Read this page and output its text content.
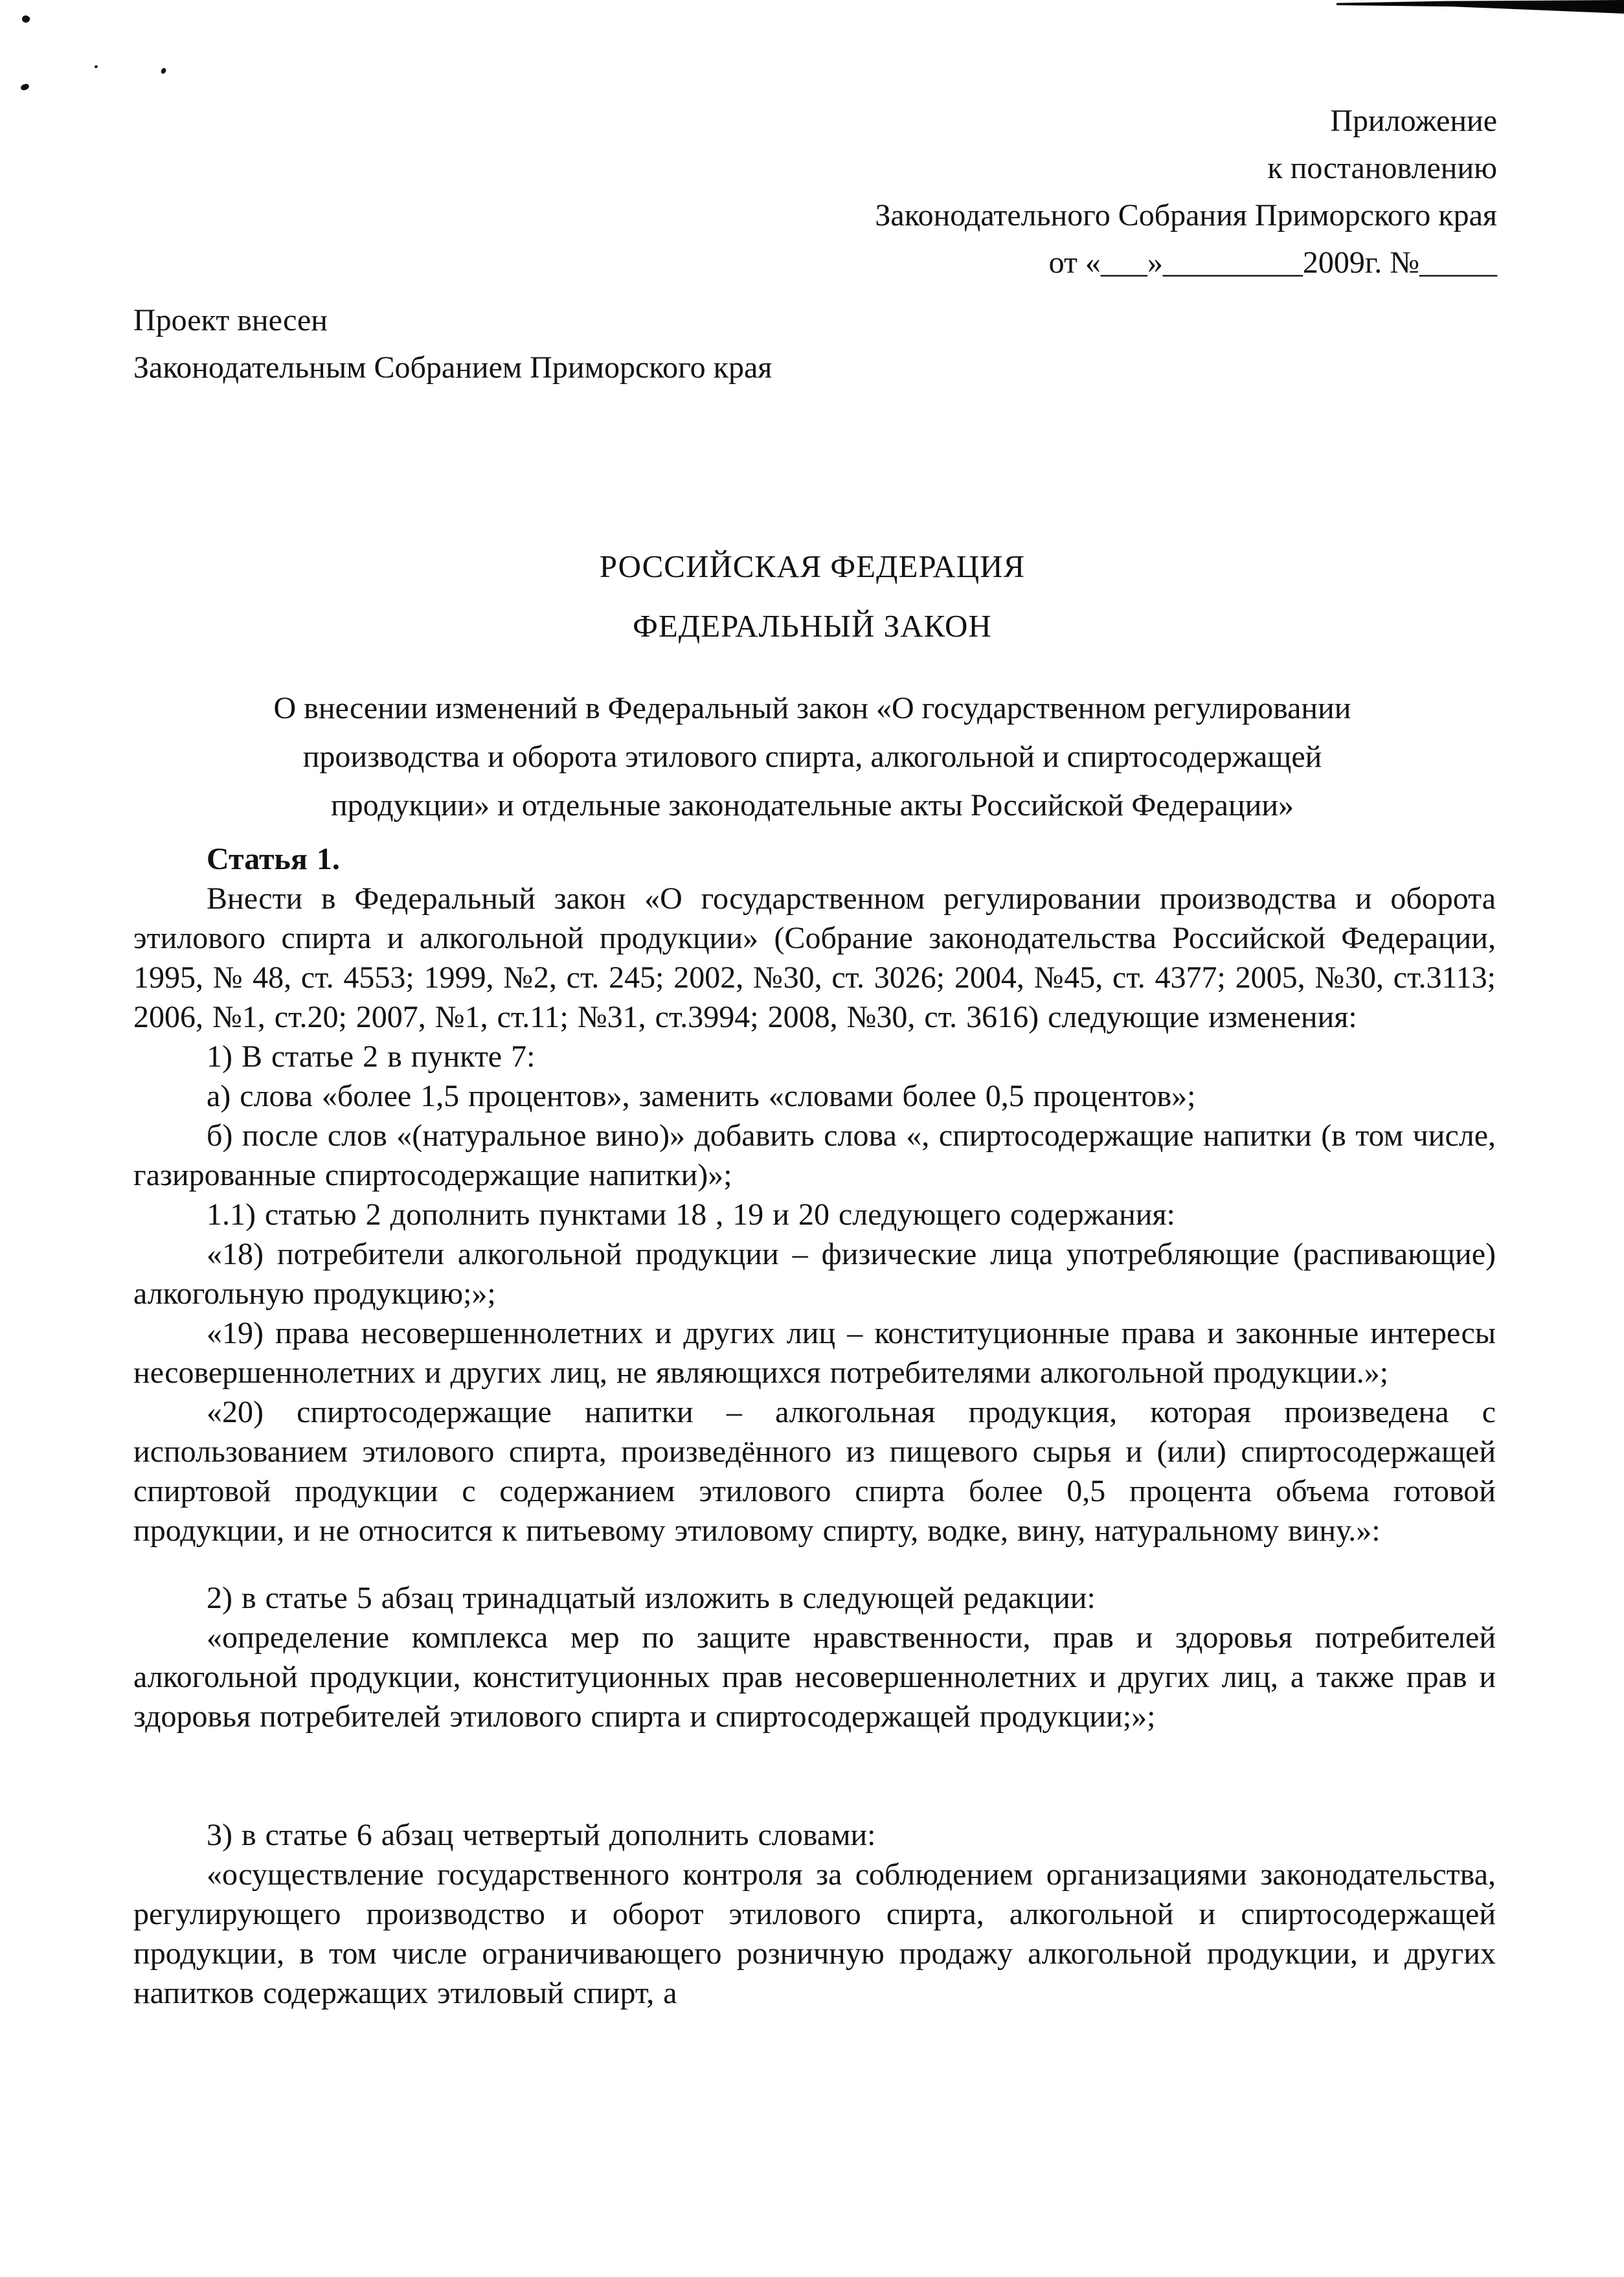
Приложение
к постановлению
Законодательного Собрания Приморского края
от «___»_________2009г. №_____
Проект внесен
Законодательным Собранием Приморского края
РОССИЙСКАЯ ФЕДЕРАЦИЯ
ФЕДЕРАЛЬНЫЙ ЗАКОН
О внесении изменений в Федеральный закон «О государственном регулировании
производства и оборота этилового спирта, алкогольной и спиртосодержащей
продукции» и отдельные законодательные акты Российской Федерации»

Статья 1.

Внести в Федеральный закон «О государственном регулировании производства и оборота этилового спирта и алкогольной продукции» (Собрание законодательства Российской Федерации, 1995, № 48, ст. 4553; 1999, №2, ст. 245; 2002, №30, ст. 3026; 2004, №45, ст. 4377; 2005, №30, ст.3113; 2006, №1, ст.20; 2007, №1, ст.11; №31, ст.3994; 2008, №30, ст. 3616) следующие изменения:

1) В статье 2 в пункте 7:

а) слова «более 1,5 процентов», заменить «словами более 0,5 процентов»;

б) после слов «(натуральное вино)» добавить слова «, спиртосодержащие напитки (в том числе, газированные спиртосодержащие напитки)»;

1.1) статью 2 дополнить пунктами 18 , 19 и 20 следующего содержания:

«18) потребители алкогольной продукции – физические лица употребляющие (распивающие) алкогольную продукцию;»;

«19) права несовершеннолетних и других лиц – конституционные права и законные интересы несовершеннолетних и других лиц, не являющихся потребителями алкогольной продукции.»;

«20) спиртосодержащие напитки – алкогольная продукция, которая произведена с использованием этилового спирта, произведённого из пищевого сырья и (или) спиртосодержащей спиртовой продукции с содержанием этилового спирта более 0,5 процента объема готовой продукции, и не относится к питьевому этиловому спирту, водке, вину, натуральному вину.»:

2) в статье 5 абзац тринадцатый изложить в следующей редакции:

«определение комплекса мер по защите нравственности, прав и здоровья потребителей алкогольной продукции, конституционных прав несовершеннолетних и других лиц, а также прав и здоровья потребителей этилового спирта и спиртосодержащей продукции;»;

3) в статье 6 абзац четвертый дополнить словами:

«осуществление государственного контроля за соблюдением организациями законодательства, регулирующего производство и оборот этилового спирта, алкогольной и спиртосодержащей продукции, в том числе ограничивающего розничную продажу алкогольной продукции, и других напитков содержащих этиловый спирт, а
